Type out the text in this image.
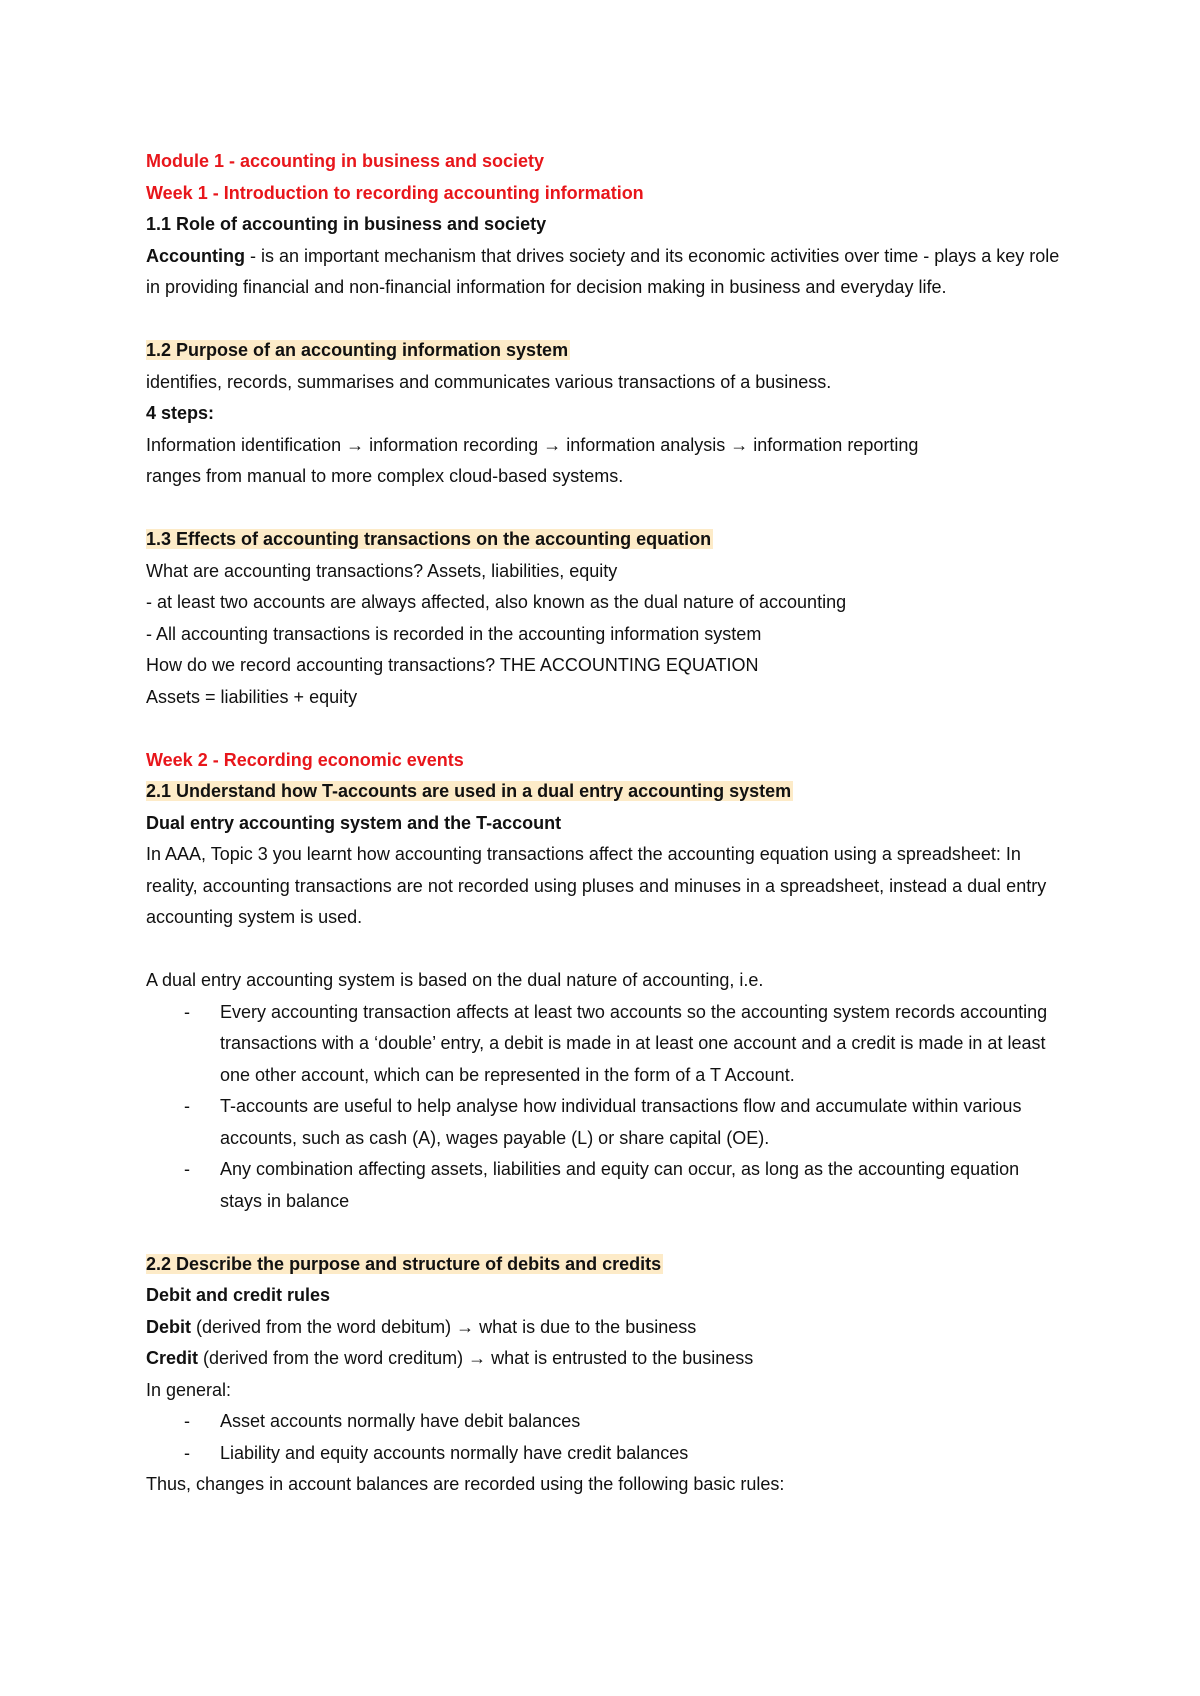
Module 1 - accounting in business and society

Week 1 - Introduction to recording accounting information

1.1 Role of accounting in business and society

Accounting - is an important mechanism that drives society and its economic activities over time - plays a key role in providing financial and non-financial information for decision making in business and everyday life.

1.2 Purpose of an accounting information system

identifies, records, summarises and communicates various transactions of a business.

4 steps:

Information identification → information recording → information analysis → information reporting

ranges from manual to more complex cloud-based systems.

1.3 Effects of accounting transactions on the accounting equation

What are accounting transactions? Assets, liabilities, equity

- at least two accounts are always affected, also known as the dual nature of accounting

- All accounting transactions is recorded in the accounting information system

How do we record accounting transactions? THE ACCOUNTING EQUATION

Assets = liabilities + equity

Week 2 - Recording economic events

2.1 Understand how T-accounts are used in a dual entry accounting system

Dual entry accounting system and the T-account

In AAA, Topic 3 you learnt how accounting transactions affect the accounting equation using a spreadsheet: In reality, accounting transactions are not recorded using pluses and minuses in a spreadsheet, instead a dual entry accounting system is used.

A dual entry accounting system is based on the dual nature of accounting, i.e.

- Every accounting transaction affects at least two accounts so the accounting system records accounting transactions with a ‘double’ entry, a debit is made in at least one account and a credit is made in at least one other account, which can be represented in the form of a T Account.
- T-accounts are useful to help analyse how individual transactions flow and accumulate within various accounts, such as cash (A), wages payable (L) or share capital (OE).
- Any combination affecting assets, liabilities and equity can occur, as long as the accounting equation stays in balance

2.2 Describe the purpose and structure of debits and credits

Debit and credit rules

Debit (derived from the word debitum) → what is due to the business

Credit (derived from the word creditum) → what is entrusted to the business

In general:

- Asset accounts normally have debit balances
- Liability and equity accounts normally have credit balances

Thus, changes in account balances are recorded using the following basic rules:
